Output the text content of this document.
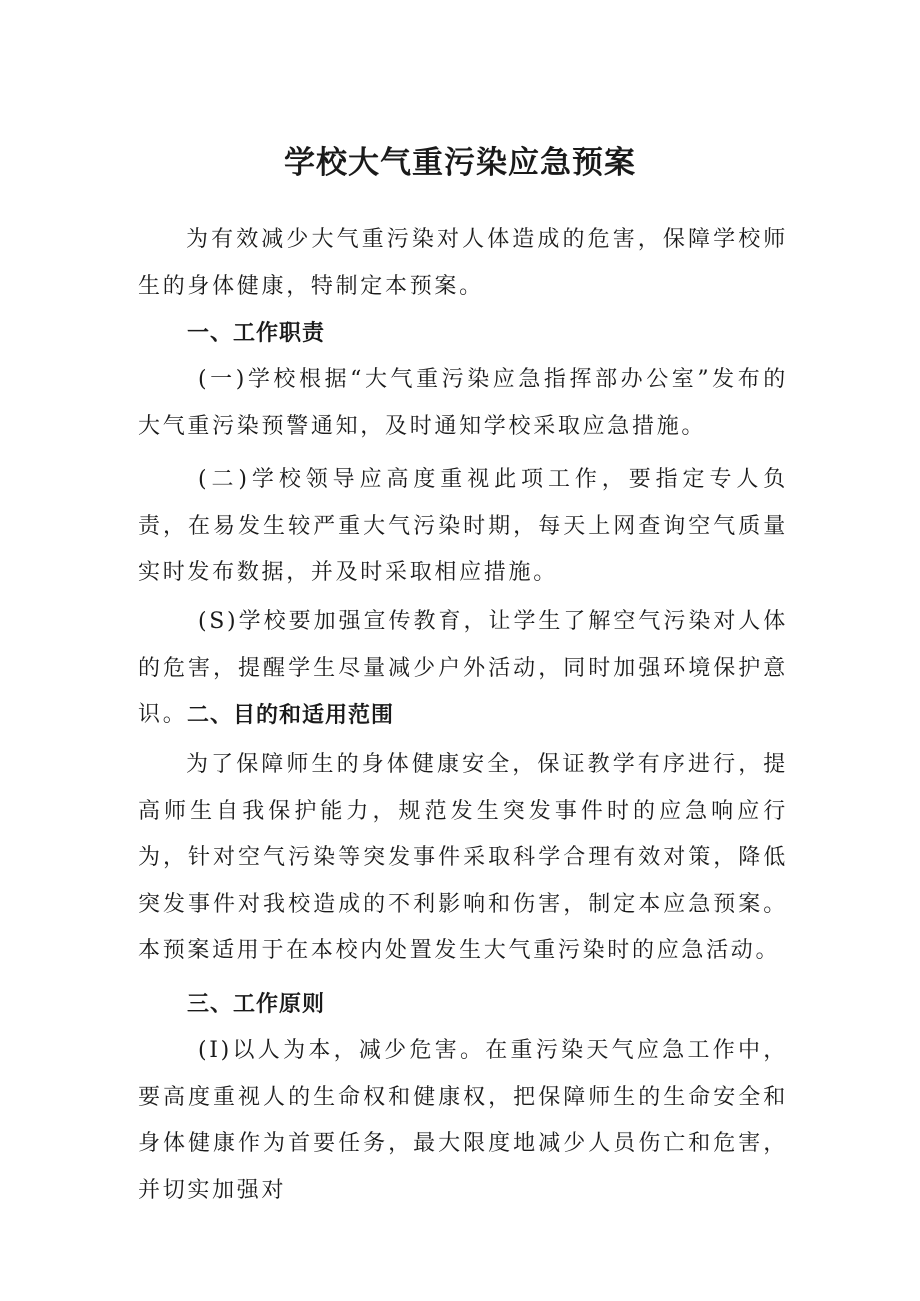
学校大气重污染应急预案

为有效减少大气重污染对人体造成的危害，保障学校师生的身体健康，特制定本预案。

一、工作职责

(一)学校根据“大气重污染应急指挥部办公室”发布的大气重污染预警通知，及时通知学校采取应急措施。

(二)学校领导应高度重视此项工作，要指定专人负责，在易发生较严重大气污染时期，每天上网查询空气质量实时发布数据，并及时采取相应措施。

(S)学校要加强宣传教育，让学生了解空气污染对人体的危害，提醒学生尽量减少户外活动，同时加强环境保护意识。 二、目的和适用范围

为了保障师生的身体健康安全，保证教学有序进行，提高师生自我保护能力，规范发生突发事件时的应急响应行为，针对空气污染等突发事件采取科学合理有效对策，降低突发事件对我校造成的不利影响和伤害，制定本应急预案。本预案适用于在本校内处置发生大气重污染时的应急活动。

三、工作原则

(I)以人为本，减少危害。在重污染天气应急工作中，要高度重视人的生命权和健康权，把保障师生的生命安全和身体健康作为首要任务，最大限度地减少人员伤亡和危害，并切实加强对
